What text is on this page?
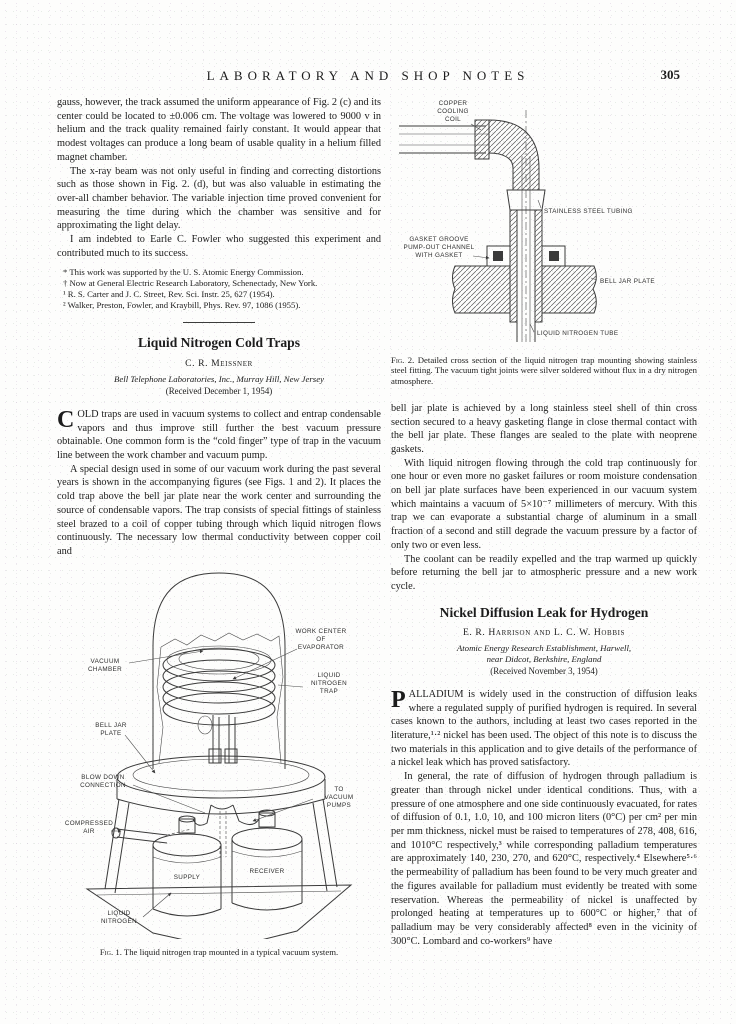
LABORATORY AND SHOP NOTES	305

gauss, however, the track assumed the uniform appearance of Fig. 2 (c) and its center could be located to ±0.006 cm. The voltage was lowered to 9000 v in helium and the track quality remained fairly constant. It would appear that modest voltages can produce a long beam of usable quality in a helium filled magnet chamber.

The x-ray beam was not only useful in finding and correcting distortions such as those shown in Fig. 2. (d), but was also valuable in estimating the over-all chamber behavior. The variable injection time proved convenient for measuring the time during which the chamber was sensitive and for approximating the light delay.

I am indebted to Earle C. Fowler who suggested this experiment and contributed much to its success.

* This work was supported by the U. S. Atomic Energy Commission.

† Now at General Electric Research Laboratory, Schenectady, New York.

¹ R. S. Carter and J. C. Street, Rev. Sci. Instr. 25, 627 (1954).

² Walker, Preston, Fowler, and Kraybill, Phys. Rev. 97, 1086 (1955).

Liquid Nitrogen Cold Traps

C. R. Meissner

Bell Telephone Laboratories, Inc., Murray Hill, New Jersey

(Received December 1, 1954)

COLD traps are used in vacuum systems to collect and entrap condensable vapors and thus improve still further the best vacuum pressure obtainable. One common form is the “cold finger” type of trap in the vacuum line between the work chamber and vacuum pump.

A special design used in some of our vacuum work during the past several years is shown in the accompanying figures (see Figs. 1 and 2). It places the cold trap above the bell jar plate near the work center and surrounding the source of condensable vapors. The trap consists of special fittings of stainless steel brazed to a coil of copper tubing through which liquid nitrogen flows continuously. The necessary low thermal conductivity between copper coil and

VACUUM
CHAMBER
WORK CENTER
OF
EVAPORATOR
LIQUID
NITROGEN
TRAP
BELL JAR
PLATE
BLOW DOWN
CONNECTION
TO
VACUUM
PUMPS
COMPRESSED
AIR
SUPPLY
RECEIVER
LIQUID
NITROGEN

Fig. 1. The liquid nitrogen trap mounted in a typical vacuum system.

COPPER
COOLING
COIL
STAINLESS STEEL TUBING
GASKET GROOVE
PUMP-OUT CHANNEL
WITH GASKET
BELL JAR PLATE
LIQUID NITROGEN TUBE

Fig. 2. Detailed cross section of the liquid nitrogen trap mounting showing stainless steel fitting. The vacuum tight joints were silver soldered without flux in a dry nitrogen atmosphere.

bell jar plate is achieved by a long stainless steel shell of thin cross section secured to a heavy gasketing flange in close thermal contact with the bell jar plate. These flanges are sealed to the plate with neoprene gaskets.

With liquid nitrogen flowing through the cold trap continuously for one hour or even more no gasket failures or room moisture condensation on bell jar plate surfaces have been experienced in our vacuum system which maintains a vacuum of 5×10⁻⁷ millimeters of mercury. With this trap we can evaporate a substantial charge of aluminum in a small fraction of a second and still degrade the vacuum pressure by a factor of only two or even less.

The coolant can be readily expelled and the trap warmed up quickly before returning the bell jar to atmospheric pressure and a new work cycle.

Nickel Diffusion Leak for Hydrogen

E. R. Harrison and L. C. W. Hobbis

Atomic Energy Research Establishment, Harwell,
near Didcot, Berkshire, England

(Received November 3, 1954)

PALLADIUM is widely used in the construction of diffusion leaks where a regulated supply of purified hydrogen is required. In several cases known to the authors, including at least two cases reported in the literature,¹·² nickel has been used. The object of this note is to discuss the two materials in this application and to give details of the performance of a nickel leak which has proved satisfactory.

In general, the rate of diffusion of hydrogen through palladium is greater than through nickel under identical conditions. Thus, with a pressure of one atmosphere and one side continuously evacuated, for rates of diffusion of 0.1, 1.0, 10, and 100 micron liters (0°C) per cm² per min per mm thickness, nickel must be raised to temperatures of 278, 408, 616, and 1010°C respectively,³ while corresponding palladium temperatures are approximately 140, 230, 270, and 620°C, respectively.⁴ Elsewhere⁵·⁶ the permeability of palladium has been found to be very much greater and the figures available for palladium must evidently be treated with some reservation. Whereas the permeability of nickel is unaffected by prolonged heating at temperatures up to 600°C or higher,⁷ that of palladium may be very considerably affected⁸ even in the vicinity of 300°C. Lombard and co-workers⁹ have
